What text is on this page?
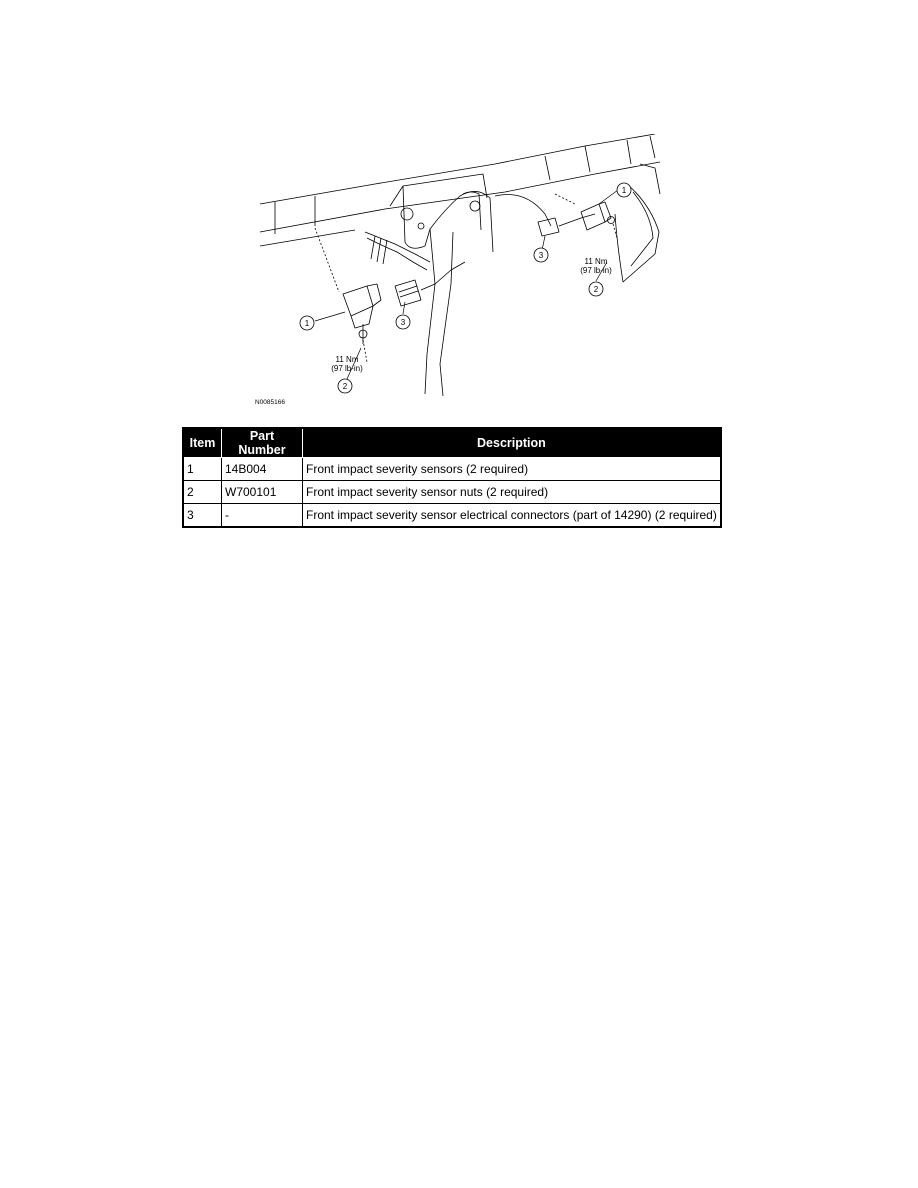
1	3
2
3
1
2
11 Nm
(97 lb-in)
11 Nm
(97 lb-in)
N0085166
Item	Part Number	Description
1	14B004	Front impact severity sensors (2 required)
2	W700101	Front impact severity sensor nuts (2 required)
3	-	Front impact severity sensor electrical connectors (part of 14290) (2 required)
